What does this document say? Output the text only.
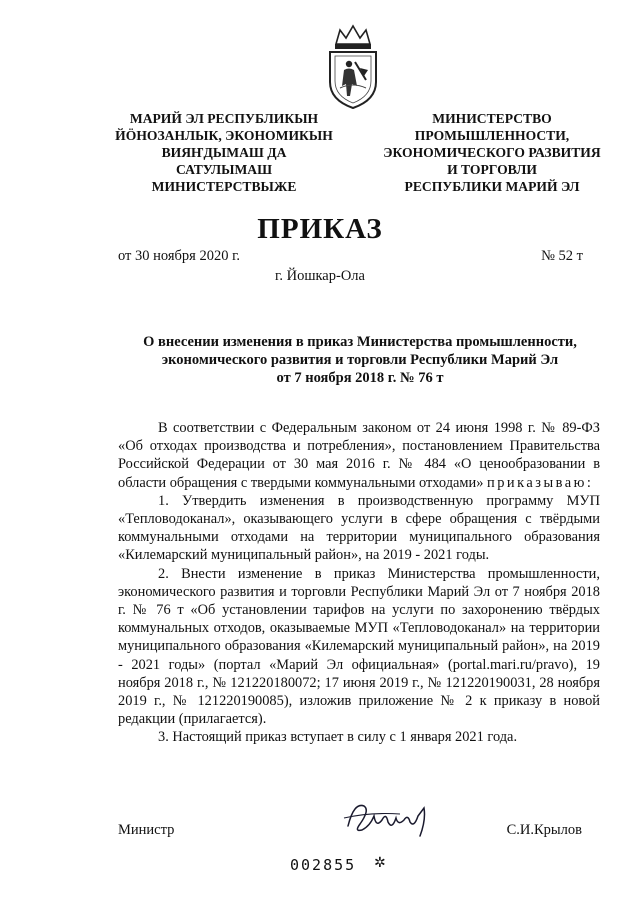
МАРИЙ ЭЛ РЕСПУБЛИКЫН
ЙӦНОЗАНЛЫК, ЭКОНОМИКЫН
ВИЯҤДЫМАШ ДА
САТУЛЫМАШ
МИНИСТЕРСТВЫЖЕ
МИНИСТЕРСТВО
ПРОМЫШЛЕННОСТИ,
ЭКОНОМИЧЕСКОГО РАЗВИТИЯ
И ТОРГОВЛИ
РЕСПУБЛИКИ МАРИЙ ЭЛ
ПРИКАЗ
от 30 ноября 2020 г.	№ 52 т
г. Йошкар-Ола
О внесении изменения в приказ Министерства промышленности,
экономического развития и торговли Республики Марий Эл
от 7 ноября 2018 г. № 76 т

В соответствии с Федеральным законом от 24 июня 1998 г. № 89-ФЗ «Об отходах производства и потребления», постановлением Правительства Российской Федерации от 30 мая 2016 г. № 484 «О ценообразовании в области обращения с твердыми коммунальными отходами» приказываю:

1. Утвердить изменения в производственную программу МУП «Тепловодоканал», оказывающего услуги в сфере обращения с твёрдыми коммунальными отходами на территории муниципального образования «Килемарский муниципальный район», на 2019 - 2021 годы.

2. Внести изменение в приказ Министерства промышленности, экономического развития и торговли Республики Марий Эл от 7 ноября 2018 г. № 76 т «Об установлении тарифов на услуги по захоронению твёрдых коммунальных отходов, оказываемые МУП «Тепловодоканал» на территории муниципального образования «Килемарский муниципальный район», на 2019 - 2021 годы» (портал «Марий Эл официальная» (portal.mari.ru/pravo), 19 ноября 2018 г., № 121220180072; 17 июня 2019 г., № 121220190031, 28 ноября 2019 г., № 121220190085), изложив приложение № 2 к приказу в новой редакции (прилагается).

3. Настоящий приказ вступает в силу с 1 января 2021 года.

Министр	С.И.Крылов
002855 ✲
